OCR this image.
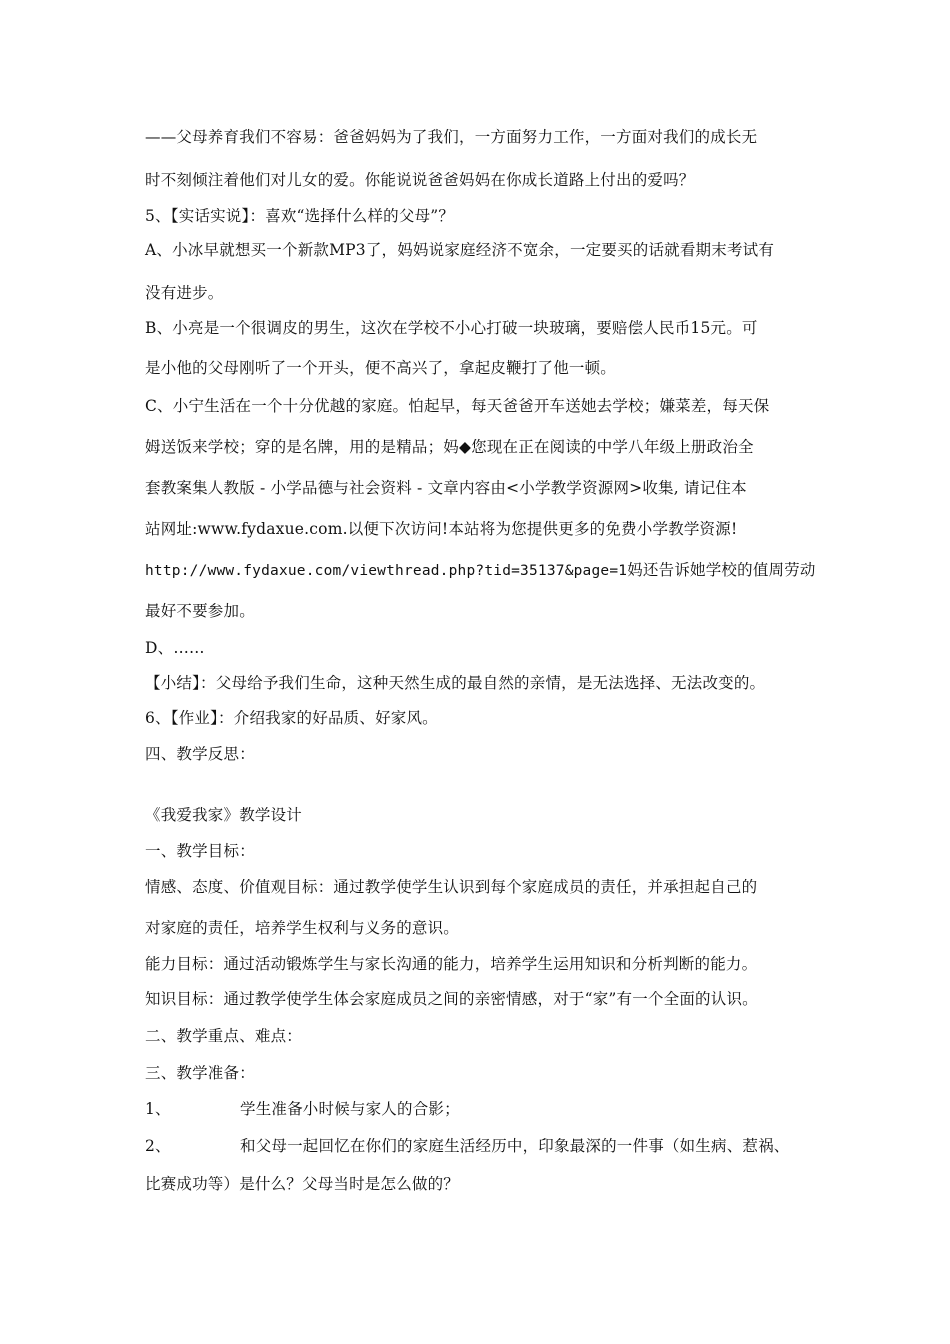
——父母养育我们不容易：爸爸妈妈为了我们，一方面努力工作，一方面对我们的成长无
时不刻倾注着他们对儿女的爱。你能说说爸爸妈妈在你成长道路上付出的爱吗？
5、【实话实说】：喜欢“选择什么样的父母”？
A、小冰早就想买一个新款MP3了，妈妈说家庭经济不宽余，一定要买的话就看期末考试有
没有进步。
B、小亮是一个很调皮的男生，这次在学校不小心打破一块玻璃，要赔偿人民币15元。可
是小他的父母刚听了一个开头，便不高兴了，拿起皮鞭打了他一顿。
C、小宁生活在一个十分优越的家庭。怕起早，每天爸爸开车送她去学校；嫌菜差，每天保
姆送饭来学校；穿的是名牌，用的是精品；妈◆您现在正在阅读的中学八年级上册政治全
套教案集人教版 - 小学品德与社会资料 - 文章内容由<小学教学资源网>收集, 请记住本
站网址:www.fydaxue.com.以便下次访问!本站将为您提供更多的免费小学教学资源!
http://www.fydaxue.com/viewthread.php?tid=35137&page=1妈还告诉她学校的值周劳动
最好不要参加。
D、……
【小结】：父母给予我们生命，这种天然生成的最自然的亲情，是无法选择、无法改变的。
6、【作业】：介绍我家的好品质、好家风。
四、教学反思：
《我爱我家》教学设计
一、教学目标：
情感、态度、价值观目标：通过教学使学生认识到每个家庭成员的责任，并承担起自己的
对家庭的责任，培养学生权利与义务的意识。
能力目标：通过活动锻炼学生与家长沟通的能力，培养学生运用知识和分析判断的能力。
知识目标：通过教学使学生体会家庭成员之间的亲密情感，对于“家”有一个全面的认识。
二、教学重点、难点：
三、教学准备：
1、	学生准备小时候与家人的合影；
2、	和父母一起回忆在你们的家庭生活经历中，印象最深的一件事（如生病、惹祸、
比赛成功等）是什么？父母当时是怎么做的？
